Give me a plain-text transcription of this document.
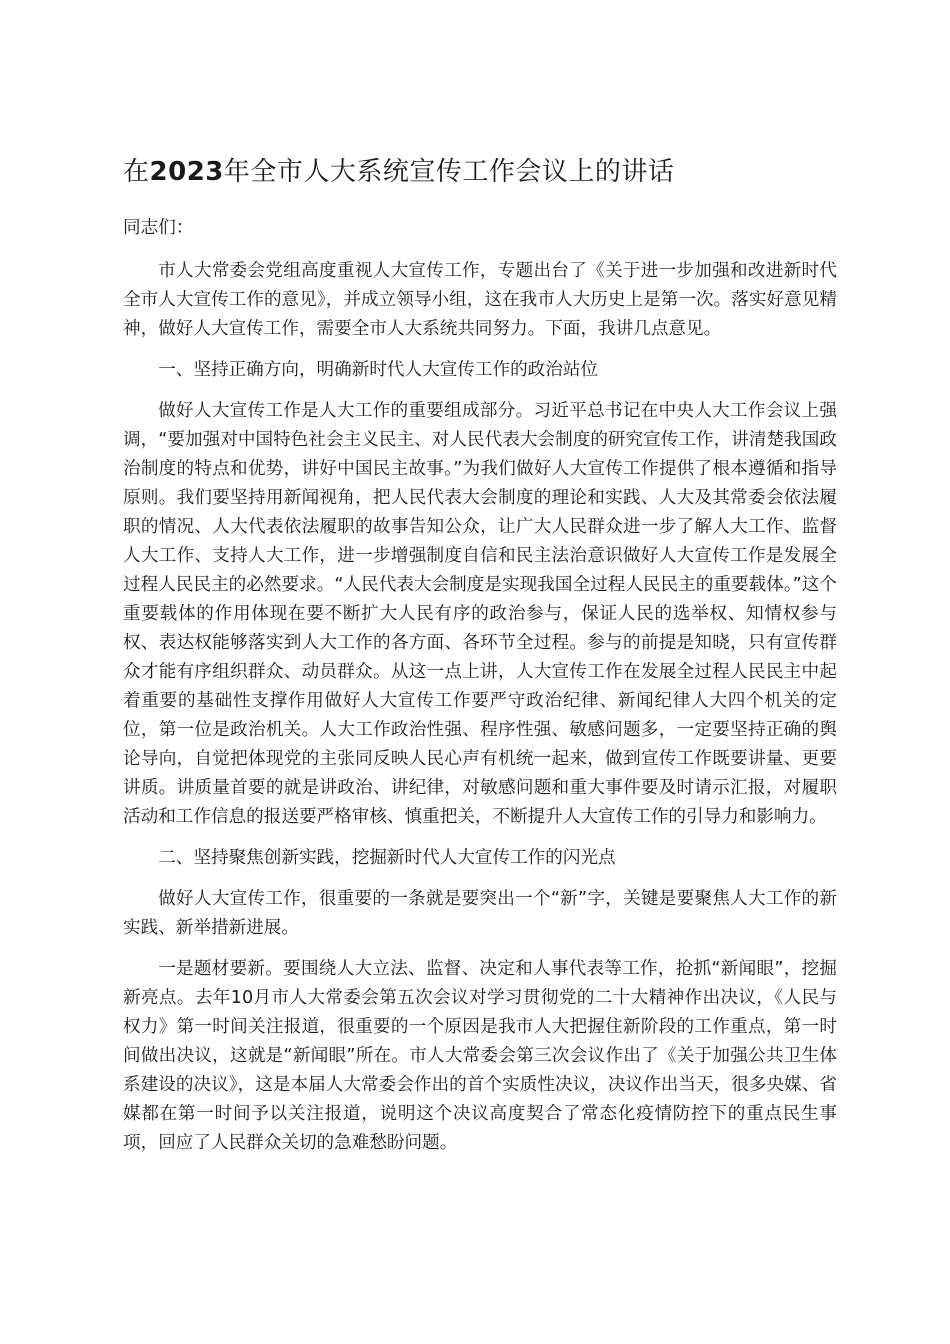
在2023年全市人大系统宣传工作会议上的讲话

同志们：

市人大常委会党组高度重视人大宣传工作，专题出台了《关于进一步加强和改进新时代全市人大宣传工作的意见》，并成立领导小组，这在我市人大历史上是第一次。落实好意见精神，做好人大宣传工作，需要全市人大系统共同努力。下面，我讲几点意见。

一、坚持正确方向，明确新时代人大宣传工作的政治站位

做好人大宣传工作是人大工作的重要组成部分。习近平总书记在中央人大工作会议上强调，“要加强对中国特色社会主义民主、对人民代表大会制度的研究宣传工作，讲清楚我国政治制度的特点和优势，讲好中国民主故事。”为我们做好人大宣传工作提供了根本遵循和指导原则。我们要坚持用新闻视角，把人民代表大会制度的理论和实践、人大及其常委会依法履职的情况、人大代表依法履职的故事告知公众，让广大人民群众进一步了解人大工作、监督人大工作、支持人大工作，进一步增强制度自信和民主法治意识做好人大宣传工作是发展全过程人民民主的必然要求。“人民代表大会制度是实现我国全过程人民民主的重要载体。”这个重要载体的作用体现在要不断扩大人民有序的政治参与，保证人民的选举权、知情权参与权、表达权能够落实到人大工作的各方面、各环节全过程。参与的前提是知晓，只有宣传群众才能有序组织群众、动员群众。从这一点上讲，人大宣传工作在发展全过程人民民主中起着重要的基础性支撑作用做好人大宣传工作要严守政治纪律、新闻纪律人大四个机关的定位，第一位是政治机关。人大工作政治性强、程序性强、敏感问题多，一定要坚持正确的舆论导向，自觉把体现党的主张同反映人民心声有机统一起来，做到宣传工作既要讲量、更要讲质。讲质量首要的就是讲政治、讲纪律，对敏感问题和重大事件要及时请示汇报，对履职活动和工作信息的报送要严格审核、慎重把关，不断提升人大宣传工作的引导力和影响力。

二、坚持聚焦创新实践，挖掘新时代人大宣传工作的闪光点

做好人大宣传工作，很重要的一条就是要突出一个“新”字，关键是要聚焦人大工作的新实践、新举措新进展。

一是题材要新。要围绕人大立法、监督、决定和人事代表等工作，抢抓“新闻眼”，挖掘新亮点。去年10月市人大常委会第五次会议对学习贯彻党的二十大精神作出决议，《人民与权力》第一时间关注报道，很重要的一个原因是我市人大把握住新阶段的工作重点，第一时间做出决议，这就是“新闻眼”所在。市人大常委会第三次会议作出了《关于加强公共卫生体系建设的决议》，这是本届人大常委会作出的首个实质性决议，决议作出当天，很多央媒、省媒都在第一时间予以关注报道，说明这个决议高度契合了常态化疫情防控下的重点民生事项，回应了人民群众关切的急难愁盼问题。
